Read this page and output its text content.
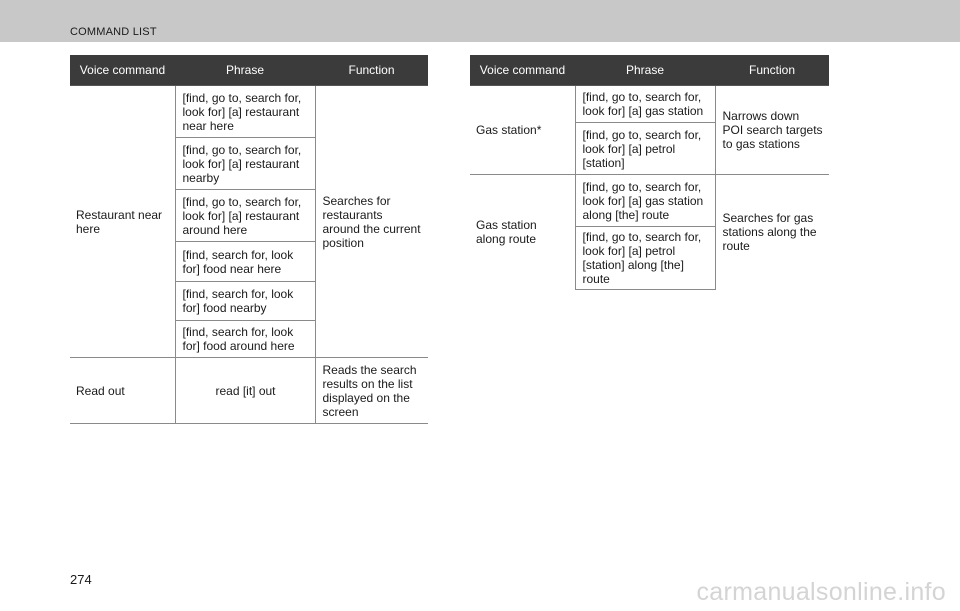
COMMAND LIST
Voice command	Phrase	Function
Restaurant near here	[find, go to, search for, look for] [a] restaurant near here	Searches for restaurants around the current position
	[find, go to, search for, look for] [a] restaurant nearby	
	[find, go to, search for, look for] [a] restaurant around here	
	[find, search for, look for] food near here	
	[find, search for, look for] food nearby	
	[find, search for, look for] food around here	
Read out	read [it] out	Reads the search results on the list displayed on the screen
Voice command	Phrase	Function
Gas station*	[find, go to, search for, look for] [a] gas station	Narrows down POI search targets to gas stations
	[find, go to, search for, look for] [a] petrol [station]	
Gas station along route	[find, go to, search for, look for] [a] gas station along [the] route	Searches for gas stations along the route
	[find, go to, search for, look for] [a] petrol [station] along [the] route	
274	carmanualsonline.info
